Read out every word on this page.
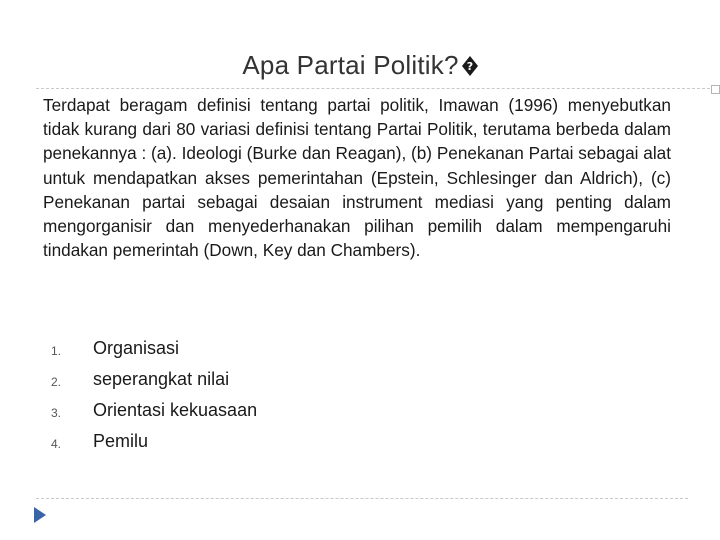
Apa Partai Politik? ?

Terdapat beragam definisi tentang partai politik, Imawan (1996) menyebutkan tidak kurang dari 80 variasi definisi tentang Partai Politik, terutama berbeda dalam penekannya : (a). Ideologi (Burke dan Reagan), (b) Penekanan Partai sebagai alat untuk mendapatkan akses pemerintahan (Epstein, Schlesinger dan Aldrich), (c) Penekanan partai sebagai desaian instrument mediasi yang penting dalam mengorganisir dan menyederhanakan pilihan pemilih dalam mempengaruhi tindakan pemerintah (Down, Key dan Chambers).

1. Organisasi
2. seperangkat nilai
3. Orientasi kekuasaan
4. Pemilu
